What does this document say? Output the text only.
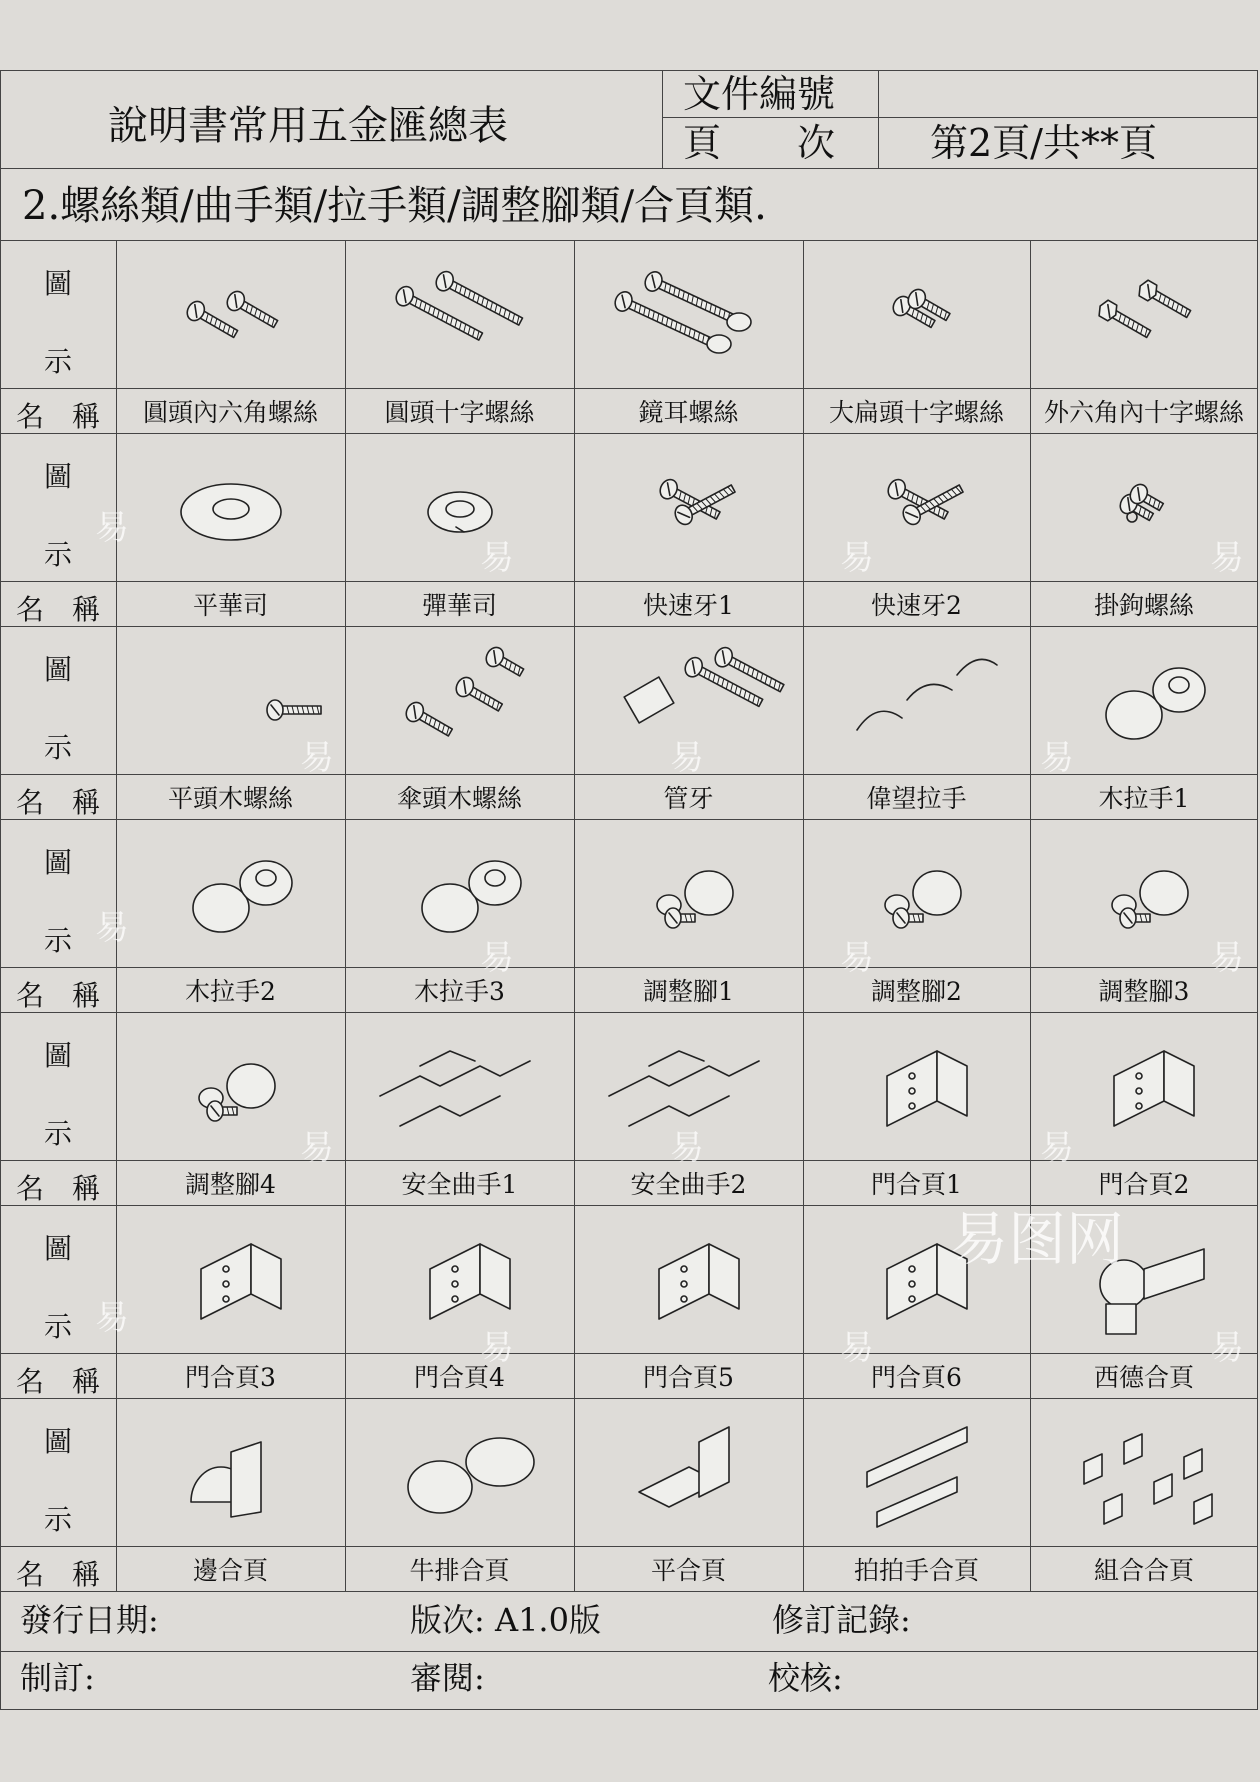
說明書常用五金匯總表
文件編號
頁　　次 第2頁/共**頁
2.螺絲類/曲手類/拉手類/調整腳類/合頁類.
圖
示
名　稱	圓頭內六角螺絲	圓頭十字螺絲	鏡耳螺絲	大扁頭十字螺絲	外六角內十字螺絲
圖
示
名　稱	平華司	彈華司	快速牙1	快速牙2	掛鉤螺絲
圖
示
名　稱	平頭木螺絲	傘頭木螺絲	管牙	偉望拉手	木拉手1
圖
示
名　稱	木拉手2	木拉手3	調整腳1	調整腳2	調整腳3
圖
示
名　稱	調整腳4	安全曲手1	安全曲手2	門合頁1	門合頁2
圖
示
名　稱	門合頁3	門合頁4	門合頁5	門合頁6	西德合頁
圖
示
名　稱	邊合頁	牛排合頁	平合頁	拍拍手合頁	組合合頁
發行日期:	版次: A1.0版	修訂記錄:
制訂:	審閱:	校核:
易
易	易	易
易	易	易
易
易	易	易
易	易	易
易
易	易	易
易图网
